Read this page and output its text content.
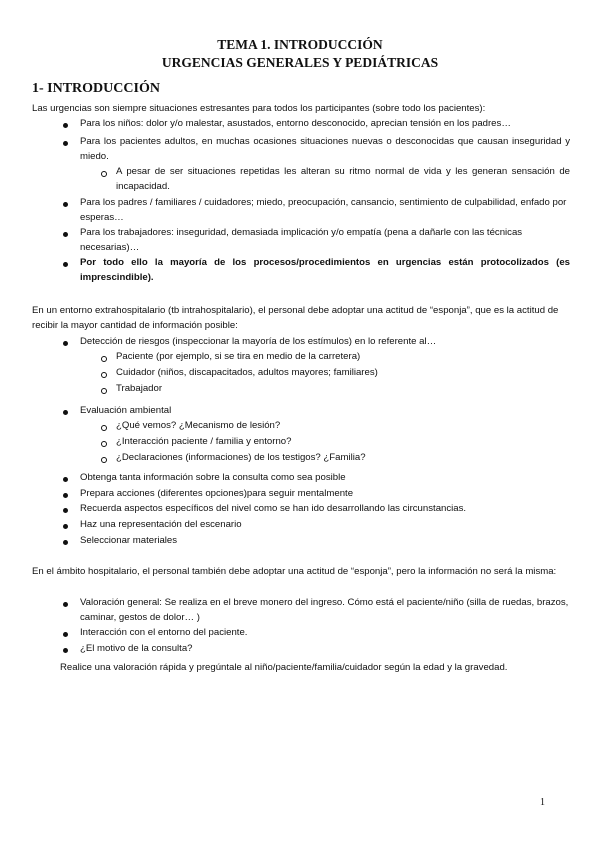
TEMA 1. INTRODUCCIÓN
URGENCIAS GENERALES Y PEDIÁTRICAS
1- INTRODUCCIÓN
Las urgencias son siempre situaciones estresantes para todos los participantes (sobre todo los pacientes):
Para los niños: dolor y/o malestar, asustados, entorno desconocido, aprecian tensión en los padres…
Para los pacientes adultos, en muchas ocasiones situaciones nuevas o desconocidas que causan inseguridad y miedo.
A pesar de ser situaciones repetidas les alteran su ritmo normal de vida y les generan sensación de incapacidad.
Para los padres / familiares / cuidadores; miedo, preocupación, cansancio, sentimiento de culpabilidad, enfado por esperas…
Para los trabajadores: inseguridad, demasiada implicación y/o empatía (pena a dañarle con las técnicas necesarias)…
Por todo ello la mayoría de los procesos/procedimientos en urgencias están protocolizados (es imprescindible).
En un entorno extrahospitalario (tb intrahospitalario), el personal debe adoptar una actitud de “esponja”, que es la actitud de recibir la mayor cantidad de información posible:
Detección de riesgos (inspeccionar la mayoría de los estímulos) en lo referente al…
Paciente (por ejemplo, si se tira en medio de la carretera)
Cuidador (niños, discapacitados, adultos mayores; familiares)
Trabajador
Evaluación ambiental
¿Qué vemos? ¿Mecanismo de lesión?
¿Interacción paciente / familia y entorno?
¿Declaraciones (informaciones) de los testigos? ¿Familia?
Obtenga tanta información sobre la consulta como sea posible
Prepara acciones (diferentes opciones)para seguir mentalmente
Recuerda aspectos específicos del nivel como se han ido desarrollando las circunstancias.
Haz una representación del escenario
Seleccionar materiales
En el ámbito hospitalario, el personal también debe adoptar una actitud de “esponja”, pero la información no será la misma:
Valoración general: Se realiza en el breve monero del ingreso. Cómo está el paciente/niño (silla de ruedas, brazos, caminar, gestos de dolor… )
Interacción con el entorno del paciente.
¿El motivo de la consulta?
Realice una valoración rápida y pregúntale al niño/paciente/familia/cuidador según la edad y la gravedad.
1
